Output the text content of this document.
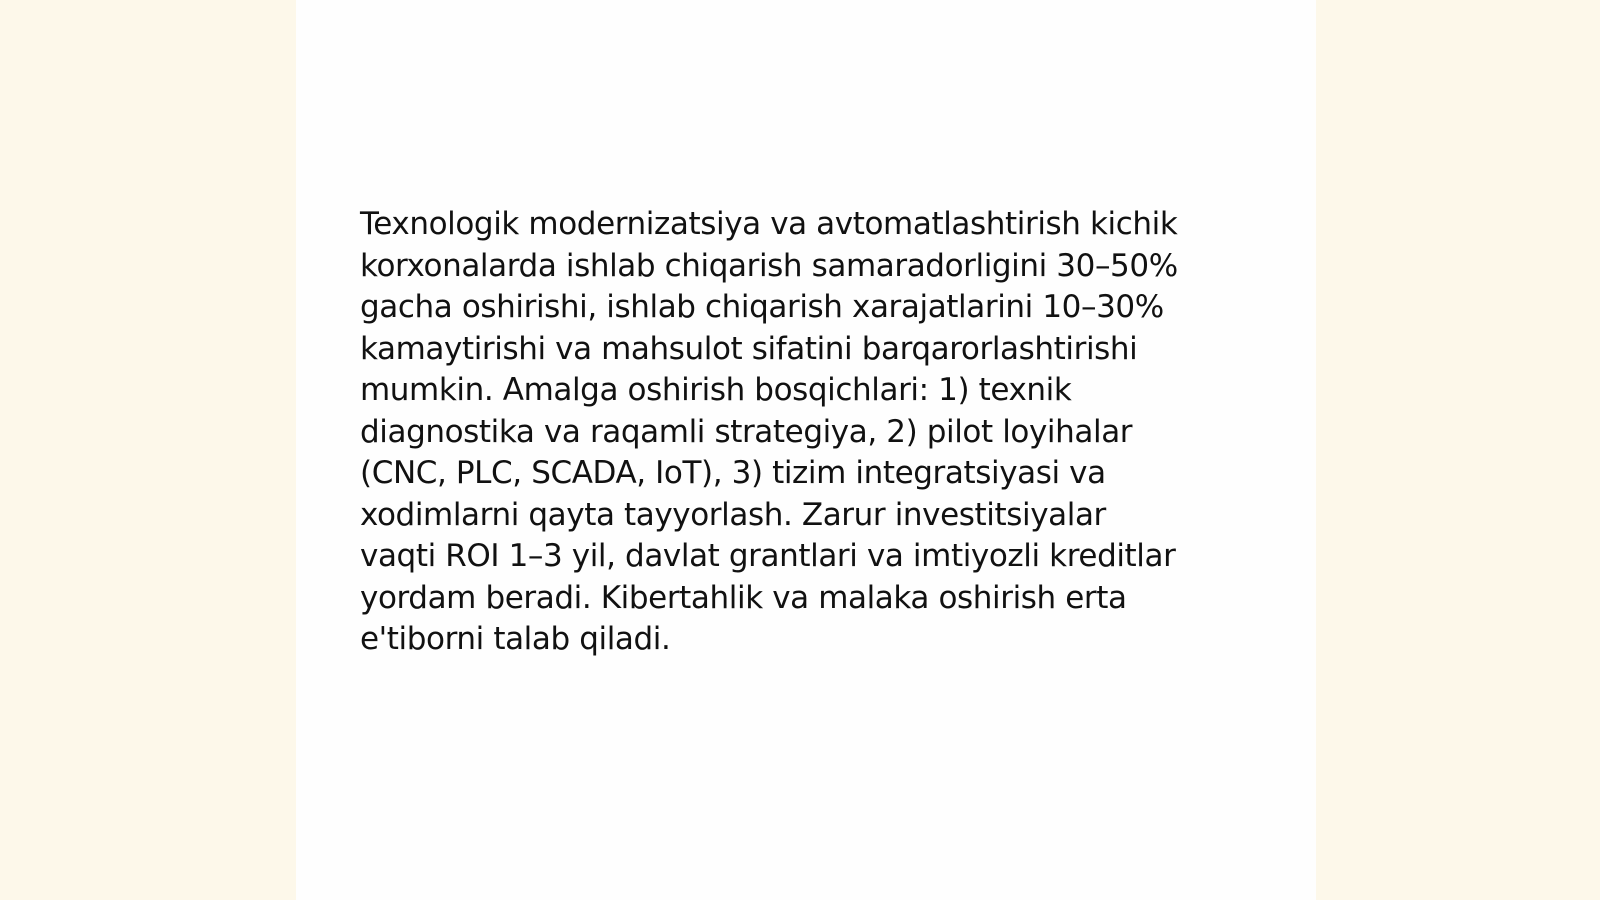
Texnologik modernizatsiya va avtomatlashtirish kichik
korxonalarda ishlab chiqarish samaradorligini 30–50%
gacha oshirishi, ishlab chiqarish xarajatlarini 10–30%
kamaytirishi va mahsulot sifatini barqarorlashtirishi
mumkin. Amalga oshirish bosqichlari: 1) texnik
diagnostika va raqamli strategiya, 2) pilot loyihalar
(CNC, PLC, SCADA, IoT), 3) tizim integratsiyasi va
xodimlarni qayta tayyorlash. Zarur investitsiyalar
vaqti ROI 1–3 yil, davlat grantlari va imtiyozli kreditlar
yordam beradi. Kibertahlik va malaka oshirish erta
e'tiborni talab qiladi.
